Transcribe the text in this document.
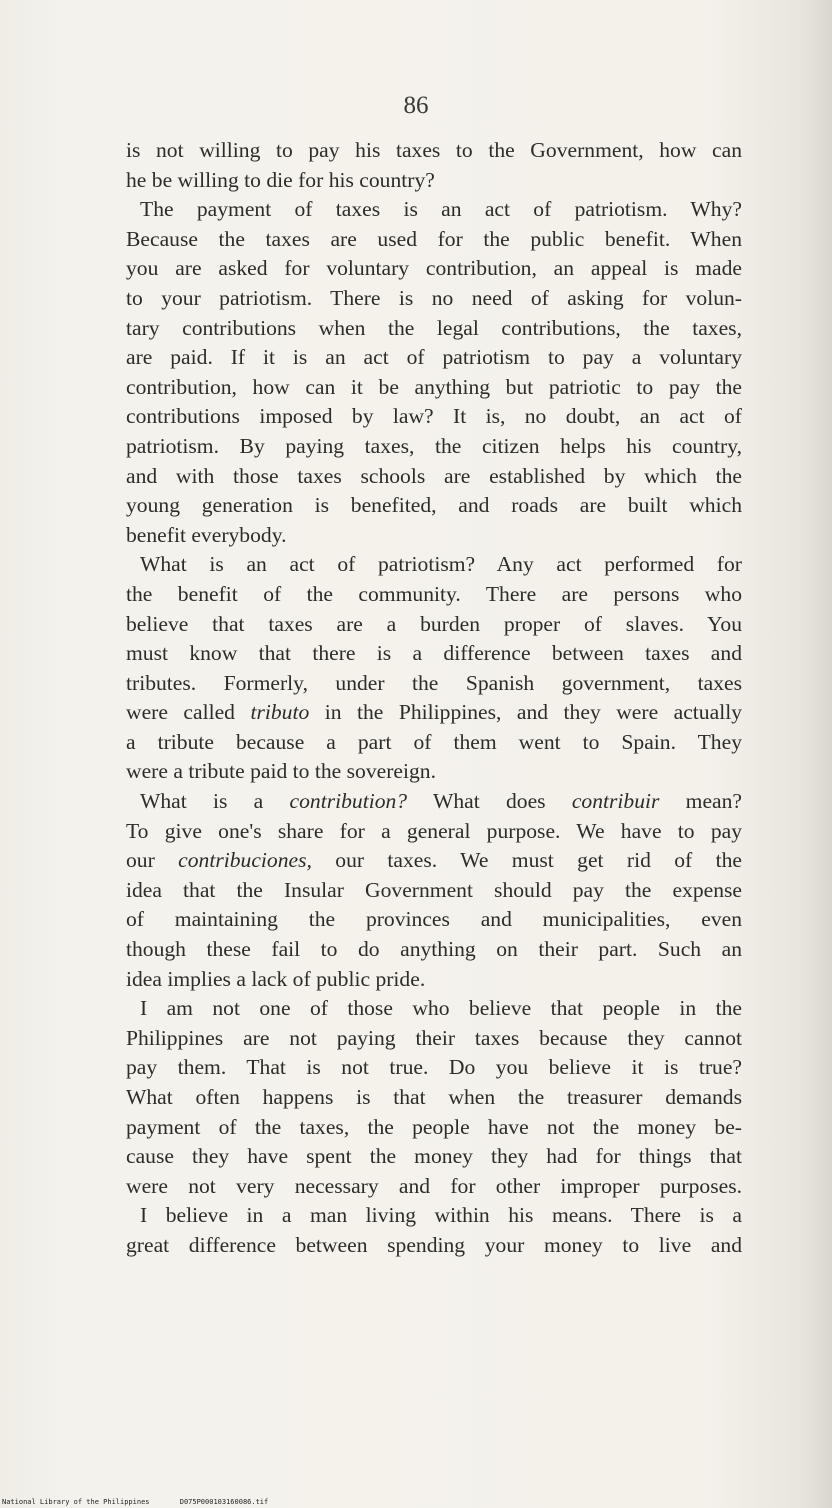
86
is not willing to pay his taxes to the Government, how can
he be willing to die for his country?
The payment of taxes is an act of patriotism. Why?
Because the taxes are used for the public benefit. When
you are asked for voluntary contribution, an appeal is made
to your patriotism. There is no need of asking for volun-
tary contributions when the legal contributions, the taxes,
are paid. If it is an act of patriotism to pay a voluntary
contribution, how can it be anything but patriotic to pay the
contributions imposed by law? It is, no doubt, an act of
patriotism. By paying taxes, the citizen helps his country,
and with those taxes schools are established by which the
young generation is benefited, and roads are built which
benefit everybody.
What is an act of patriotism? Any act performed for
the benefit of the community. There are persons who
believe that taxes are a burden proper of slaves. You
must know that there is a difference between taxes and
tributes. Formerly, under the Spanish government, taxes
were called tributo in the Philippines, and they were actually
a tribute because a part of them went to Spain. They
were a tribute paid to the sovereign.
What is a contribution? What does contribuir mean?
To give one's share for a general purpose. We have to pay
our contribuciones, our taxes. We must get rid of the
idea that the Insular Government should pay the expense
of maintaining the provinces and municipalities, even
though these fail to do anything on their part. Such an
idea implies a lack of public pride.
I am not one of those who believe that people in the
Philippines are not paying their taxes because they cannot
pay them. That is not true. Do you believe it is true?
What often happens is that when the treasurer demands
payment of the taxes, the people have not the money be-
cause they have spent the money they had for things that
were not very necessary and for other improper purposes.
I believe in a man living within his means. There is a
great difference between spending your money to live and
National Library of the Philippines	D075P000103160086.tif
